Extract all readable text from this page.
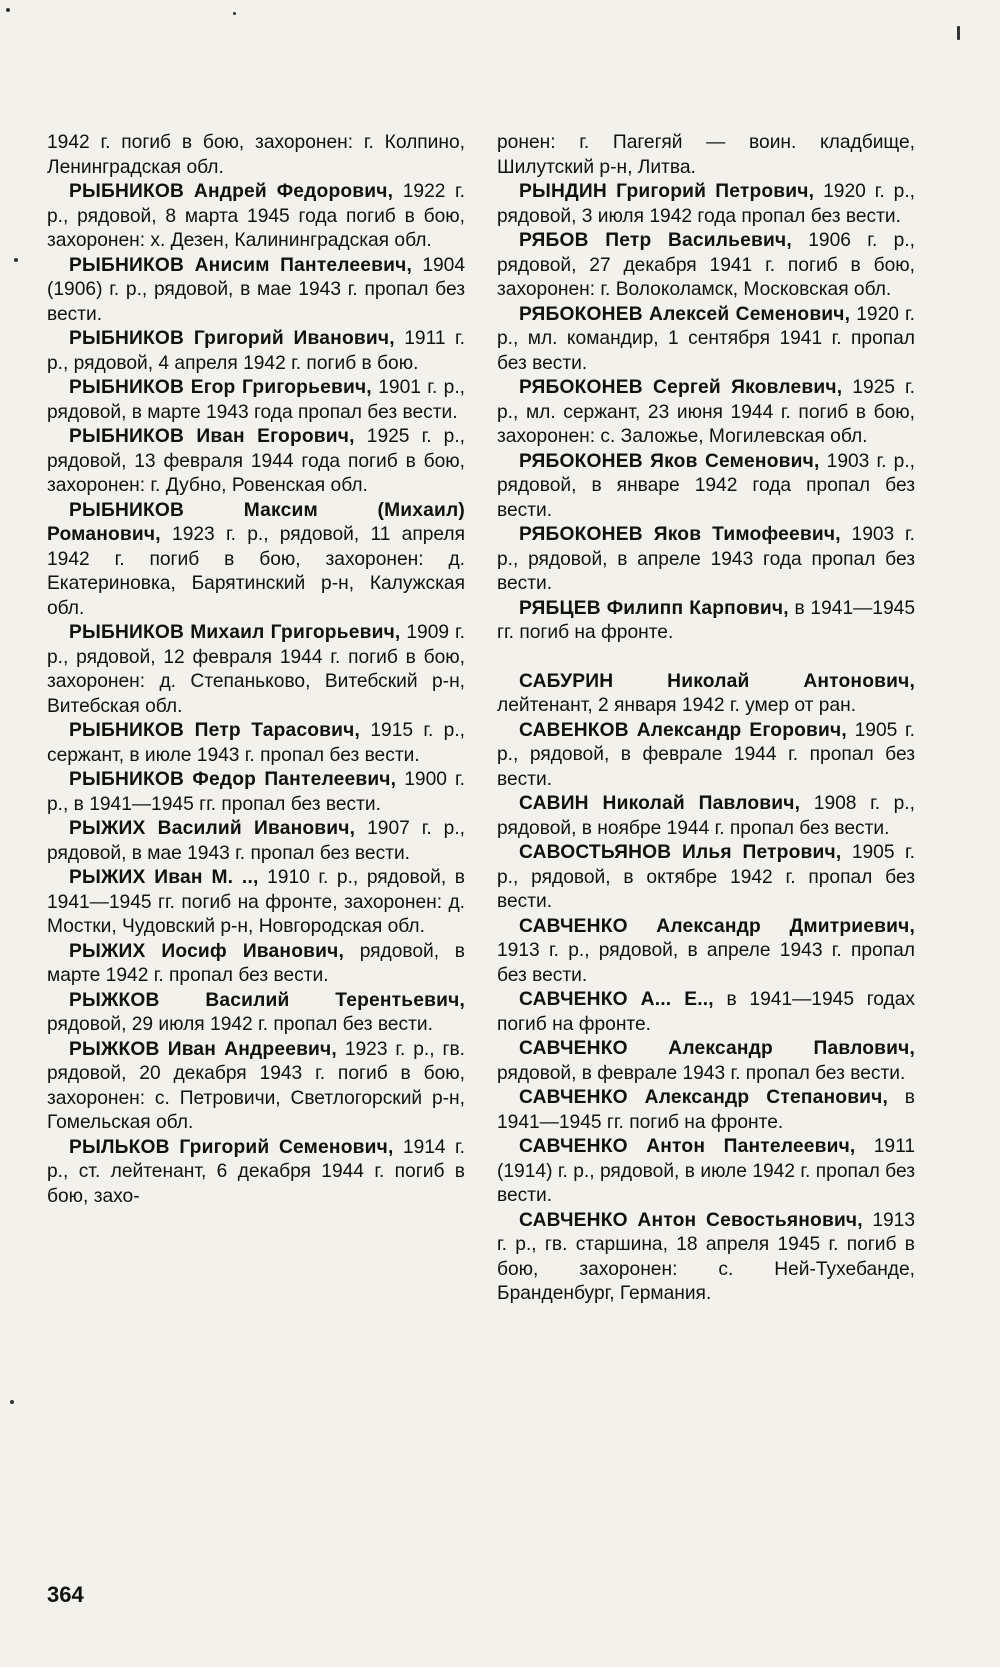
1942 г. погиб в бою, захоронен: г. Колпино, Ленинградская обл.

РЫБНИКОВ Андрей Федорович, 1922 г. р., рядовой, 8 марта 1945 года погиб в бою, захоронен: х. Дезен, Калининградская обл.

РЫБНИКОВ Анисим Пантелеевич, 1904 (1906) г. р., рядовой, в мае 1943 г. пропал без вести.

РЫБНИКОВ Григорий Иванович, 1911 г. р., рядовой, 4 апреля 1942 г. погиб в бою.

РЫБНИКОВ Егор Григорьевич, 1901 г. р., рядовой, в марте 1943 года пропал без вести.

РЫБНИКОВ Иван Егорович, 1925 г. р., рядовой, 13 февраля 1944 года погиб в бою, захоронен: г. Дубно, Ровенская обл.

РЫБНИКОВ Максим (Михаил) Романович, 1923 г. р., рядовой, 11 апреля 1942 г. погиб в бою, захоронен: д. Екатериновка, Барятинский р-н, Калужская обл.

РЫБНИКОВ Михаил Григорьевич, 1909 г. р., рядовой, 12 февраля 1944 г. погиб в бою, захоронен: д. Степаньково, Витебский р-н, Витебская обл.

РЫБНИКОВ Петр Тарасович, 1915 г. р., сержант, в июле 1943 г. пропал без вести.

РЫБНИКОВ Федор Пантелеевич, 1900 г. р., в 1941—1945 гг. пропал без вести.

РЫЖИХ Василий Иванович, 1907 г. р., рядовой, в мае 1943 г. пропал без вести.

РЫЖИХ Иван М. .., 1910 г. р., рядовой, в 1941—1945 гг. погиб на фронте, захоронен: д. Мостки, Чудовский р-н, Новгородская обл.

РЫЖИХ Иосиф Иванович, рядовой, в марте 1942 г. пропал без вести.

РЫЖКОВ Василий Терентьевич, рядовой, 29 июля 1942 г. пропал без вести.

РЫЖКОВ Иван Андреевич, 1923 г. р., гв. рядовой, 20 декабря 1943 г. погиб в бою, захоронен: с. Петровичи, Светлогорский р-н, Гомельская обл.

РЫЛЬКОВ Григорий Семенович, 1914 г. р., ст. лейтенант, 6 декабря 1944 г. погиб в бою, захо-

ронен: г. Пагегяй — воин. кладбище, Шилутский р-н, Литва.

РЫНДИН Григорий Петрович, 1920 г. р., рядовой, 3 июля 1942 года пропал без вести.

РЯБОВ Петр Васильевич, 1906 г. р., рядовой, 27 декабря 1941 г. погиб в бою, захоронен: г. Волоколамск, Московская обл.

РЯБОКОНЕВ Алексей Семенович, 1920 г. р., мл. командир, 1 сентября 1941 г. пропал без вести.

РЯБОКОНЕВ Сергей Яковлевич, 1925 г. р., мл. сержант, 23 июня 1944 г. погиб в бою, захоронен: с. Заложье, Могилевская обл.

РЯБОКОНЕВ Яков Семенович, 1903 г. р., рядовой, в январе 1942 года пропал без вести.

РЯБОКОНЕВ Яков Тимофеевич, 1903 г. р., рядовой, в апреле 1943 года пропал без вести.

РЯБЦЕВ Филипп Карпович, в 1941—1945 гг. погиб на фронте.

САБУРИН Николай Антонович, лейтенант, 2 января 1942 г. умер от ран.

САВЕНКОВ Александр Егорович, 1905 г. р., рядовой, в феврале 1944 г. пропал без вести.

САВИН Николай Павлович, 1908 г. р., рядовой, в ноябре 1944 г. пропал без вести.

САВОСТЬЯНОВ Илья Петрович, 1905 г. р., рядовой, в октябре 1942 г. пропал без вести.

САВЧЕНКО Александр Дмитриевич, 1913 г. р., рядовой, в апреле 1943 г. пропал без вести.

САВЧЕНКО А... Е.., в 1941—1945 годах погиб на фронте.

САВЧЕНКО Александр Павлович, рядовой, в феврале 1943 г. пропал без вести.

САВЧЕНКО Александр Степанович, в 1941—1945 гг. погиб на фронте.

САВЧЕНКО Антон Пантелеевич, 1911 (1914) г. р., рядовой, в июле 1942 г. пропал без вести.

САВЧЕНКО Антон Севостьянович, 1913 г. р., гв. старшина, 18 апреля 1945 г. погиб в бою, захоронен: с. Ней-Тухебанде, Бранденбург, Германия.

364
